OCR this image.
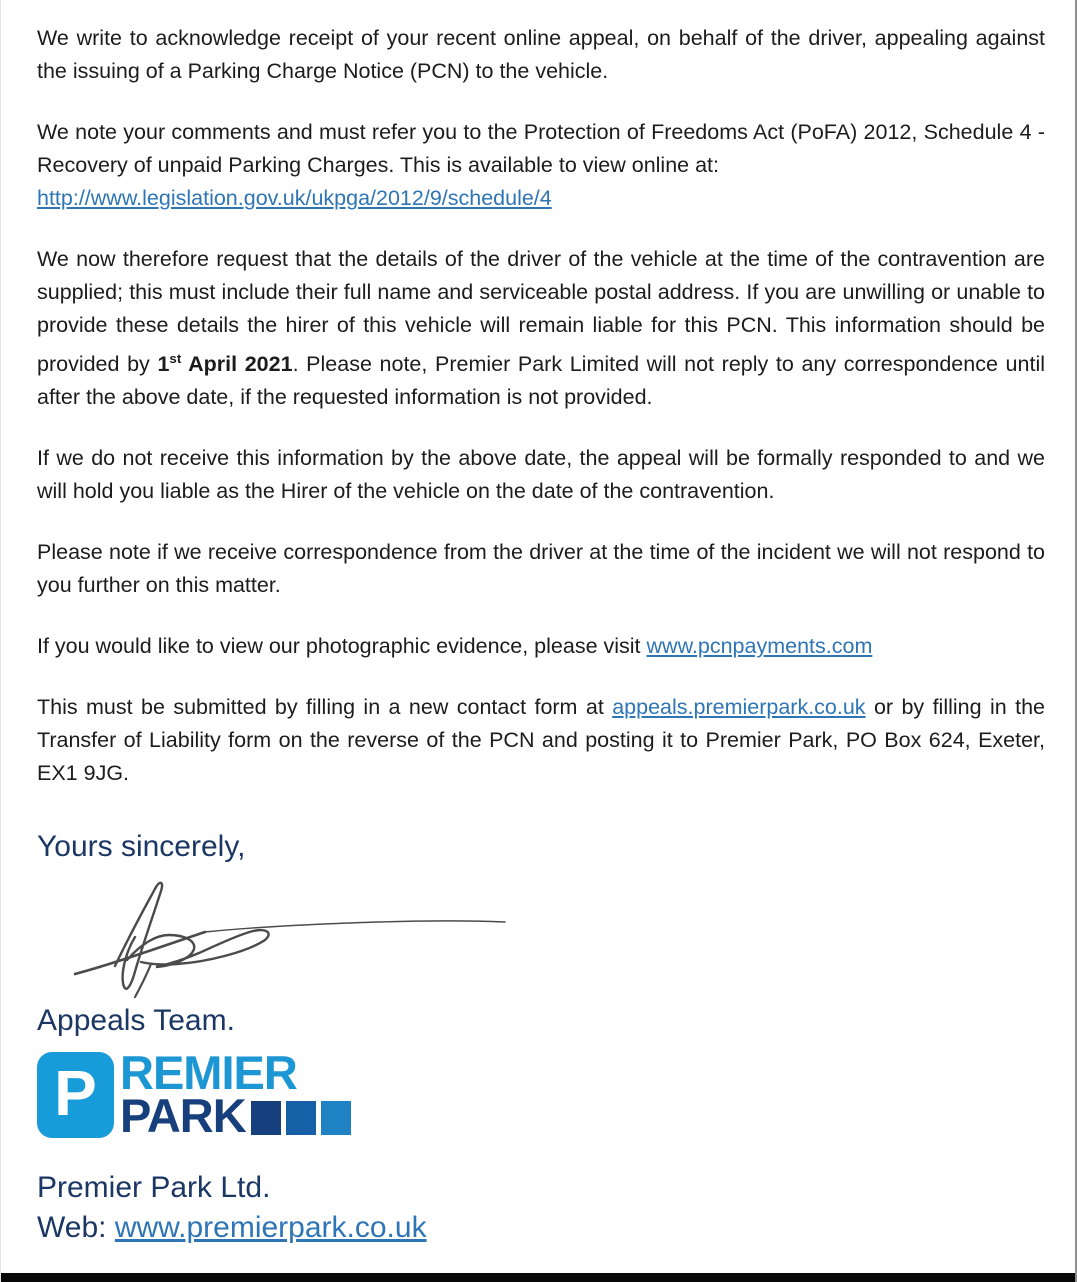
We write to acknowledge receipt of your recent online appeal, on behalf of the driver, appealing against the issuing of a Parking Charge Notice (PCN) to the vehicle.
We note your comments and must refer you to the Protection of Freedoms Act (PoFA) 2012, Schedule 4 - Recovery of unpaid Parking Charges. This is available to view online at:
http://www.legislation.gov.uk/ukpga/2012/9/schedule/4
We now therefore request that the details of the driver of the vehicle at the time of the contravention are supplied; this must include their full name and serviceable postal address. If you are unwilling or unable to provide these details the hirer of this vehicle will remain liable for this PCN. This information should be provided by 1st April 2021. Please note, Premier Park Limited will not reply to any correspondence until after the above date, if the requested information is not provided.
If we do not receive this information by the above date, the appeal will be formally responded to and we will hold you liable as the Hirer of the vehicle on the date of the contravention.
Please note if we receive correspondence from the driver at the time of the incident we will not respond to you further on this matter.
If you would like to view our photographic evidence, please visit www.pcnpayments.com
This must be submitted by filling in a new contact form at appeals.premierpark.co.uk or by filling in the Transfer of Liability form on the reverse of the PCN and posting it to Premier Park, PO Box 624, Exeter, EX1 9JG.
Yours sincerely,
Appeals Team.
P REMIER
PARK
Premier Park Ltd.
Web: www.premierpark.co.uk
